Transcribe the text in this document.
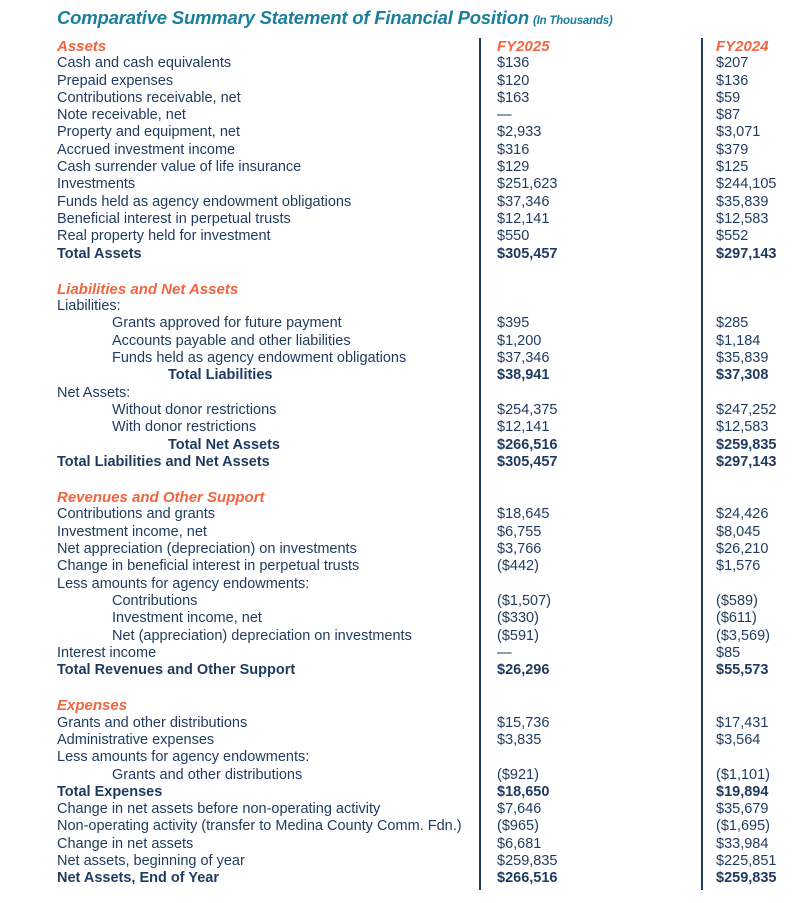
Comparative Summary Statement of Financial Position (In Thousands)
Assets	FY2025	FY2024
Cash and cash equivalents	$136	$207
Prepaid expenses	$120	$136
Contributions receivable, net	$163	$59
Note receivable, net	—	$87
Property and equipment, net	$2,933	$3,071
Accrued investment income	$316	$379
Cash surrender value of life insurance	$129	$125
Investments	$251,623	$244,105
Funds held as agency endowment obligations	$37,346	$35,839
Beneficial interest in perpetual trusts	$12,141	$12,583
Real property held for investment	$550	$552
Total Assets	$305,457	$297,143
Liabilities and Net Assets
Liabilities:
Grants approved for future payment	$395	$285
Accounts payable and other liabilities	$1,200	$1,184
Funds held as agency endowment obligations	$37,346	$35,839
Total Liabilities	$38,941	$37,308
Net Assets:
Without donor restrictions	$254,375	$247,252
With donor restrictions	$12,141	$12,583
Total Net Assets	$266,516	$259,835
Total Liabilities and Net Assets	$305,457	$297,143
Revenues and Other Support
Contributions and grants	$18,645	$24,426
Investment income, net	$6,755	$8,045
Net appreciation (depreciation) on investments	$3,766	$26,210
Change in beneficial interest in perpetual trusts	($442)	$1,576
Less amounts for agency endowments:
Contributions	($1,507)	($589)
Investment income, net	($330)	($611)
Net (appreciation) depreciation on investments	($591)	($3,569)
Interest income	—	$85
Total Revenues and Other Support	$26,296	$55,573
Expenses
Grants and other distributions	$15,736	$17,431
Administrative expenses	$3,835	$3,564
Less amounts for agency endowments:
Grants and other distributions	($921)	($1,101)
Total Expenses	$18,650	$19,894
Change in net assets before non-operating activity	$7,646	$35,679
Non-operating activity (transfer to Medina County Comm. Fdn.)	($965)	($1,695)
Change in net assets	$6,681	$33,984
Net assets, beginning of year	$259,835	$225,851
Net Assets, End of Year	$266,516	$259,835
